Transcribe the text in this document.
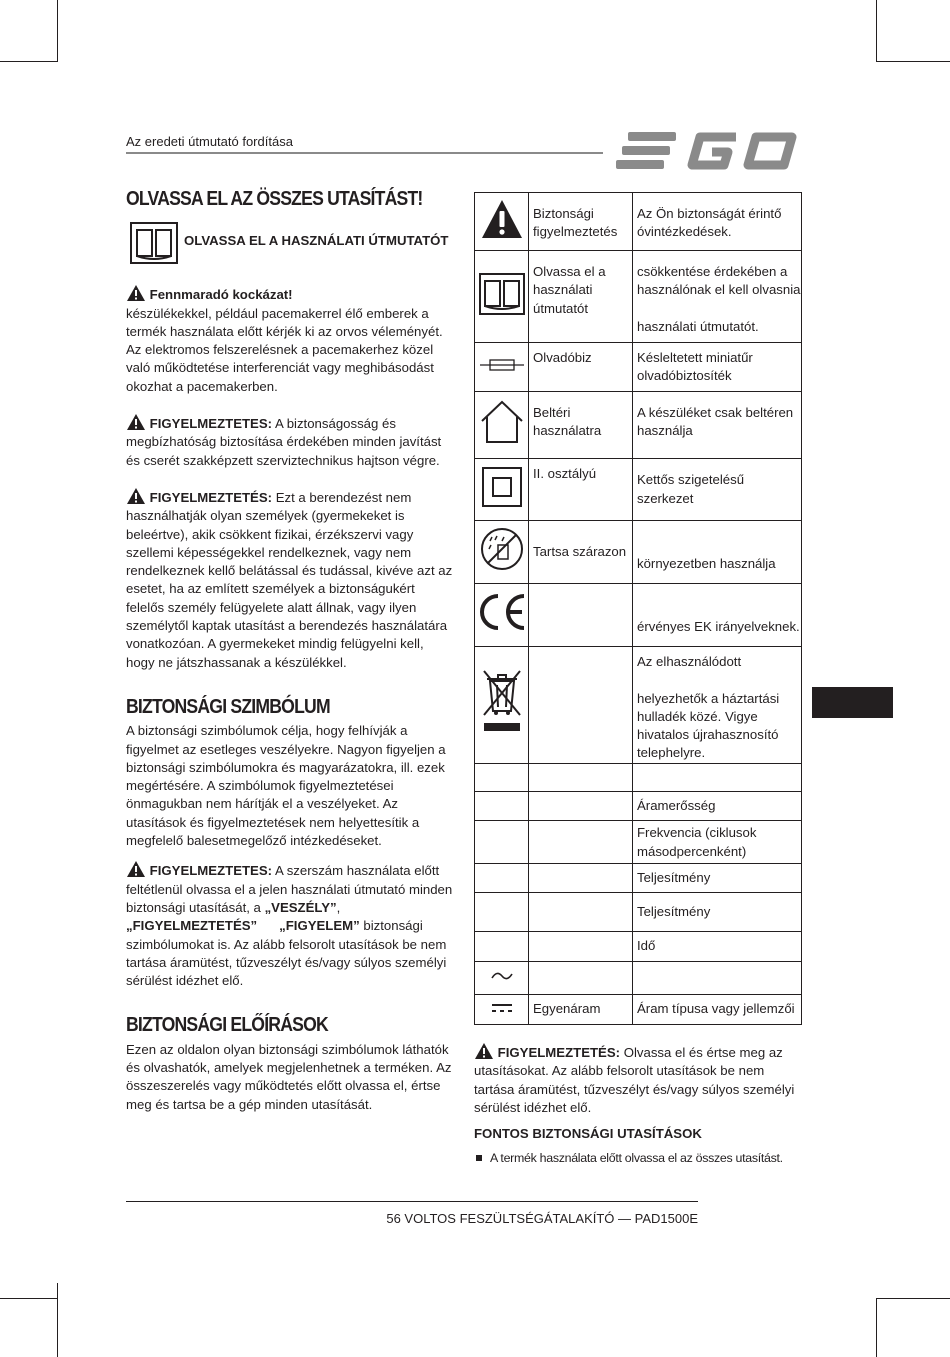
Az eredeti útmutató fordítása
OLVASSA EL AZ ÖSSZES UTASÍTÁST!
OLVASSA EL A HASZNÁLATI ÚTMUTATÓT

Fennmaradó kockázat!
készülékekkel, például pacemakerrel élő emberek a termék használata előtt kérjék ki az orvos véleményét. Az elektromos felszerelésnek a pacemakerhez közel való működtetése interferenciát vagy meghibásodást okozhat a pacemakerben.

FIGYELMEZTETES: A biztonságosság és megbízhatóság biztosítása érdekében minden javítást és cserét szakképzett szerviztechnikus hajtson végre.

FIGYELMEZTETÉS: Ezt a berendezést nem használhatják olyan személyek (gyermekeket is beleértve), akik csökkent fizikai, érzékszervi vagy szellemi képességekkel rendelkeznek, vagy nem rendelkeznek kellő belátással és tudással, kivéve azt az esetet, ha az említett személyek a biztonságukért felelős személy felügyelete alatt állnak, vagy ilyen személytől kaptak utasítást a berendezés használatára vonatkozóan. A gyermekeket mindig felügyelni kell, hogy ne játszhassanak a készülékkel.

BIZTONSÁGI SZIMBÓLUM

A biztonsági szimbólumok célja, hogy felhívják a figyelmet az esetleges veszélyekre. Nagyon figyeljen a biztonsági szimbólumokra és magyarázatokra, ill. ezek megértésére. A szimbólumok figyelmeztetései önmagukban nem hárítják el a veszélyeket. Az utasítások és figyelmeztetések nem helyettesítik a megfelelő balesetmegelőző intézkedéseket.

FIGYELMEZTETES: A szerszám használata előtt feltétlenül olvassa el a jelen használati útmutató minden biztonsági utasítását, a „VESZÉLY”,
„FIGYELMEZTETÉS” „FIGYELEM” biztonsági szimbólumokat is. Az alább felsorolt utasítások be nem tartása áramütést, tűzveszélyt és/vagy súlyos személyi sérülést idézhet elő.

BIZTONSÁGI ELŐÍRÁSOK

Ezen az oldalon olyan biztonsági szimbólumok láthatók és olvashatók, amelyek megjelenhetnek a terméken. Az összeszerelés vagy működtetés előtt olvassa el, értse meg és tartsa be a gép minden utasítását.

	Biztonsági figyelmeztetés	Az Ön biztonságát érintő óvintézkedések.
	Olvassa el a használati útmutatót	csökkentése érdekében a használónak el kell olvasnia

használati útmutatót.
	Olvadóbiz	Késleltetett miniatűr olvadóbiztosíték
	Beltéri használatra	A készüléket csak beltéren használja
	II. osztályú	Kettős szigetelésű szerkezet
	Tartsa szárazon	környezetben használja
		érvényes EK irányelveknek.
		Az elhasználódott

helyezhetők a háztartási hulladék közé. Vigye hivatalos újrahasznosító telephelyre.

		Áramerősség
		Frekvencia (ciklusok másodpercenként)
		Teljesítmény
		Teljesítmény
		Idő

	Egyenáram	Áram típusa vagy jellemzői

FIGYELMEZTETÉS: Olvassa el és értse meg az utasításokat. Az alább felsorolt utasítások be nem tartása áramütést, tűzveszélyt és/vagy súlyos személyi sérülést idézhet elő.

FONTOS BIZTONSÁGI UTASÍTÁSOK

A termék használata előtt olvassa el az összes utasítást.

56 VOLTOS FESZÜLTSÉGÁTALAKÍTÓ — PAD1500E
